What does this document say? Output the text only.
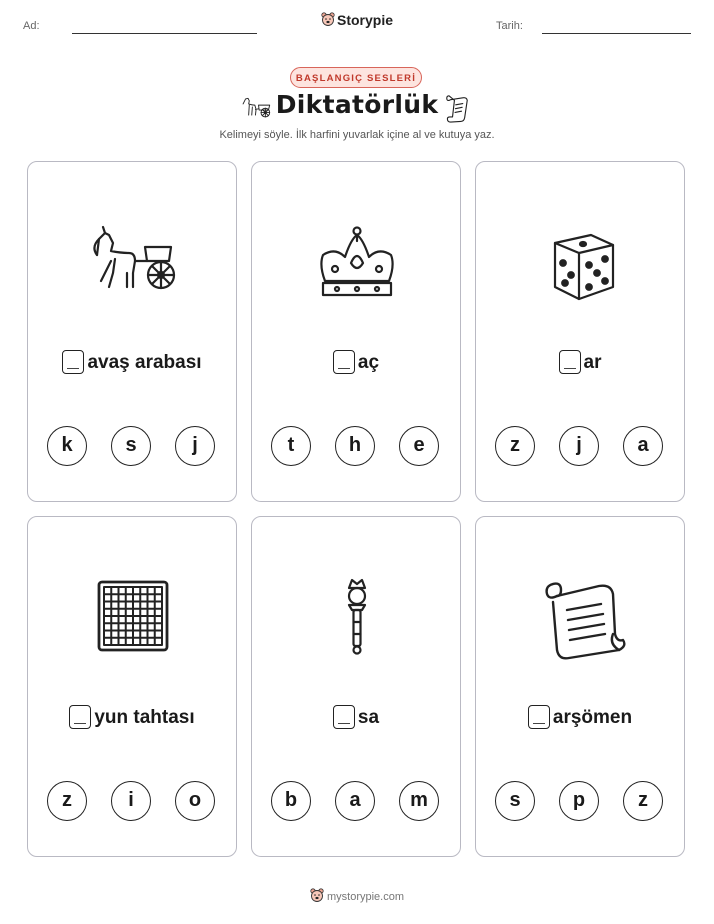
Ad:	Storypie	Tarih:
BAŞLANGIÇ SESLERİ
Diktatörlük
Kelimeyi söyle. İlk harfini yuvarlak içine al ve kutuya yaz.
avaş arabası
k	s	j
aç
t	h	e
ar
z	j	a
yun tahtası
z	i	o
sa
b	a	m
arşömen
s	p	z
mystorypie.com
